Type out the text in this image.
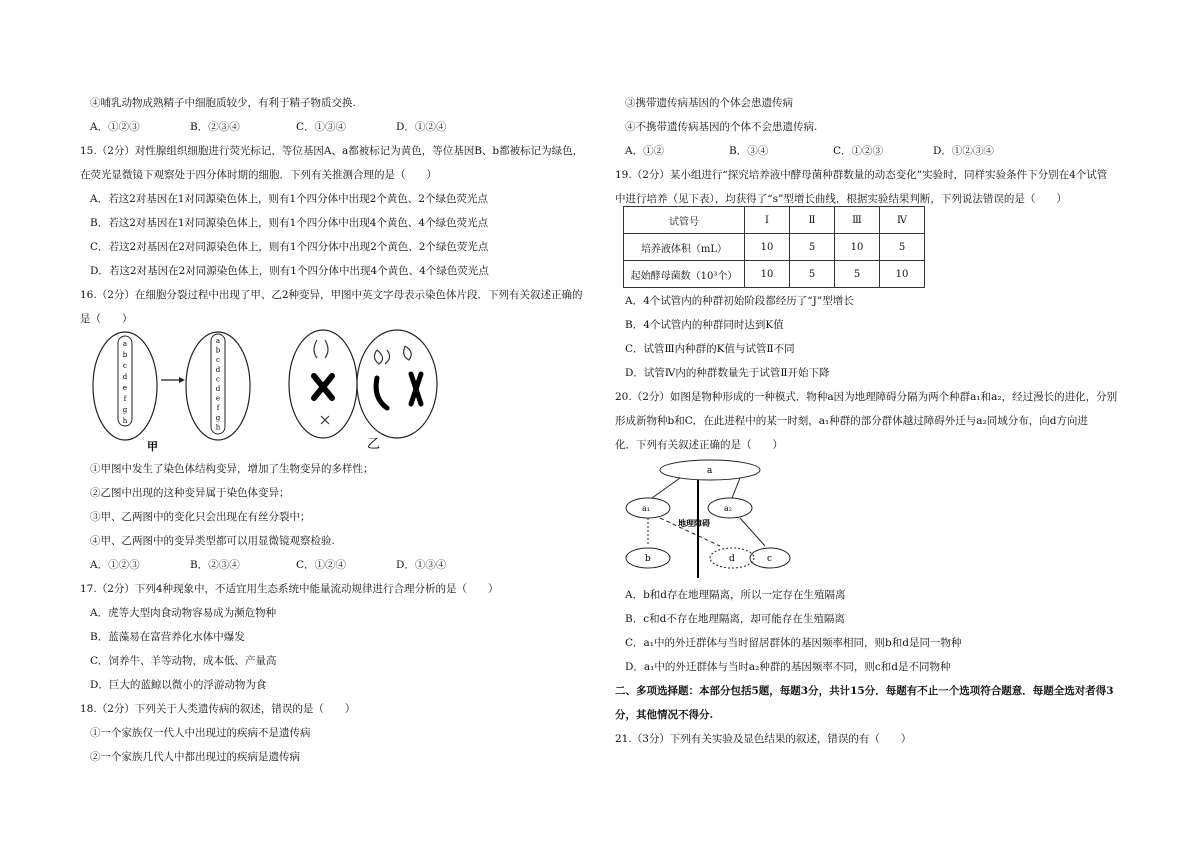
④哺乳动物成熟精子中细胞质较少，有利于精子物质交换.
A．①②③	B．②③④	C．①③④	D．①②④
15.（2分）对性腺组织细胞进行荧光标记，等位基因A、a都被标记为黄色，等位基因B、b都被标记为绿色，
在荧光显微镜下观察处于四分体时期的细胞．下列有关推测合理的是（　　）
A．若这2对基因在1对同源染色体上，则有1个四分体中出现2个黄色、2个绿色荧光点
B．若这2对基因在1对同源染色体上，则有1个四分体中出现4个黄色、4个绿色荧光点
C．若这2对基因在2对同源染色体上，则有1个四分体中出现2个黄色、2个绿色荧光点
D．若这2对基因在2对同源染色体上，则有1个四分体中出现4个黄色、4个绿色荧光点
16.（2分）在细胞分裂过程中出现了甲、乙2种变异，甲图中英文字母表示染色体片段．下列有关叙述正确的
是（　　）
a
b
c
d
e
f
g
h
a
b
c
d
c
d
e
f
g
h
甲	乙
①甲图中发生了染色体结构变异，增加了生物变异的多样性；
②乙图中出现的这种变异属于染色体变异；
③甲、乙两图中的变化只会出现在有丝分裂中；
④甲、乙两图中的变异类型都可以用显微镜观察检验.
A．①②③	B．②③④	C．①②④	D．①③④
17.（2分）下列4种现象中，不适宜用生态系统中能量流动规律进行合理分析的是（　　）
A．虎等大型肉食动物容易成为濒危物种
B．蓝藻易在富营养化水体中爆发
C．饲养牛、羊等动物，成本低、产量高
D．巨大的蓝鲸以微小的浮游动物为食
18.（2分）下列关于人类遗传病的叙述，错误的是（　　）
①一个家族仅一代人中出现过的疾病不是遗传病
②一个家族几代人中都出现过的疾病是遗传病
③携带遗传病基因的个体会患遗传病
④不携带遗传病基因的个体不会患遗传病.
A．①②	B．③④	C．①②③	D．①②③④
19.（2分）某小组进行“探究培养液中酵母菌种群数量的动态变化”实验时，同样实验条件下分别在4个试管
中进行培养（见下表），均获得了“s”型增长曲线．根据实验结果判断，下列说法错误的是（　　）
试管号	Ⅰ	Ⅱ	Ⅲ	Ⅳ
培养液体积（mL）	10	5	10	5
起始酵母菌数（10³个）	10	5	5	10
A．4个试管内的种群初始阶段都经历了“J”型增长
B．4个试管内的种群同时达到K值
C．试管Ⅲ内种群的K值与试管Ⅱ不同
D．试管Ⅳ内的种群数量先于试管Ⅱ开始下降
20.（2分）如图是物种形成的一种模式．物种a因为地理障碍分隔为两个种群a₁和a₂，经过漫长的进化，分别
形成新物种b和C．在此进程中的某一时刻，a₁种群的部分群体越过障碍外迁与a₂同域分布，向d方向进
化．下列有关叙述正确的是（　　）
a
a₁	a₂
地理障碍
b	d	c
A．b和d存在地理隔离，所以一定存在生殖隔离
B．c和d不存在地理隔离，却可能存在生殖隔离
C．a₁中的外迁群体与当时留居群体的基因频率相同，则b和d是同一物种
D．a₁中的外迁群体与当时a₂种群的基因频率不同，则c和d是不同物种
二、多项选择题：本部分包括5题，每题3分，共计15分．每题有不止一个选项符合题意．每题全选对者得3
分，其他情况不得分.
21.（3分）下列有关实验及显色结果的叙述，错误的有（　　）
